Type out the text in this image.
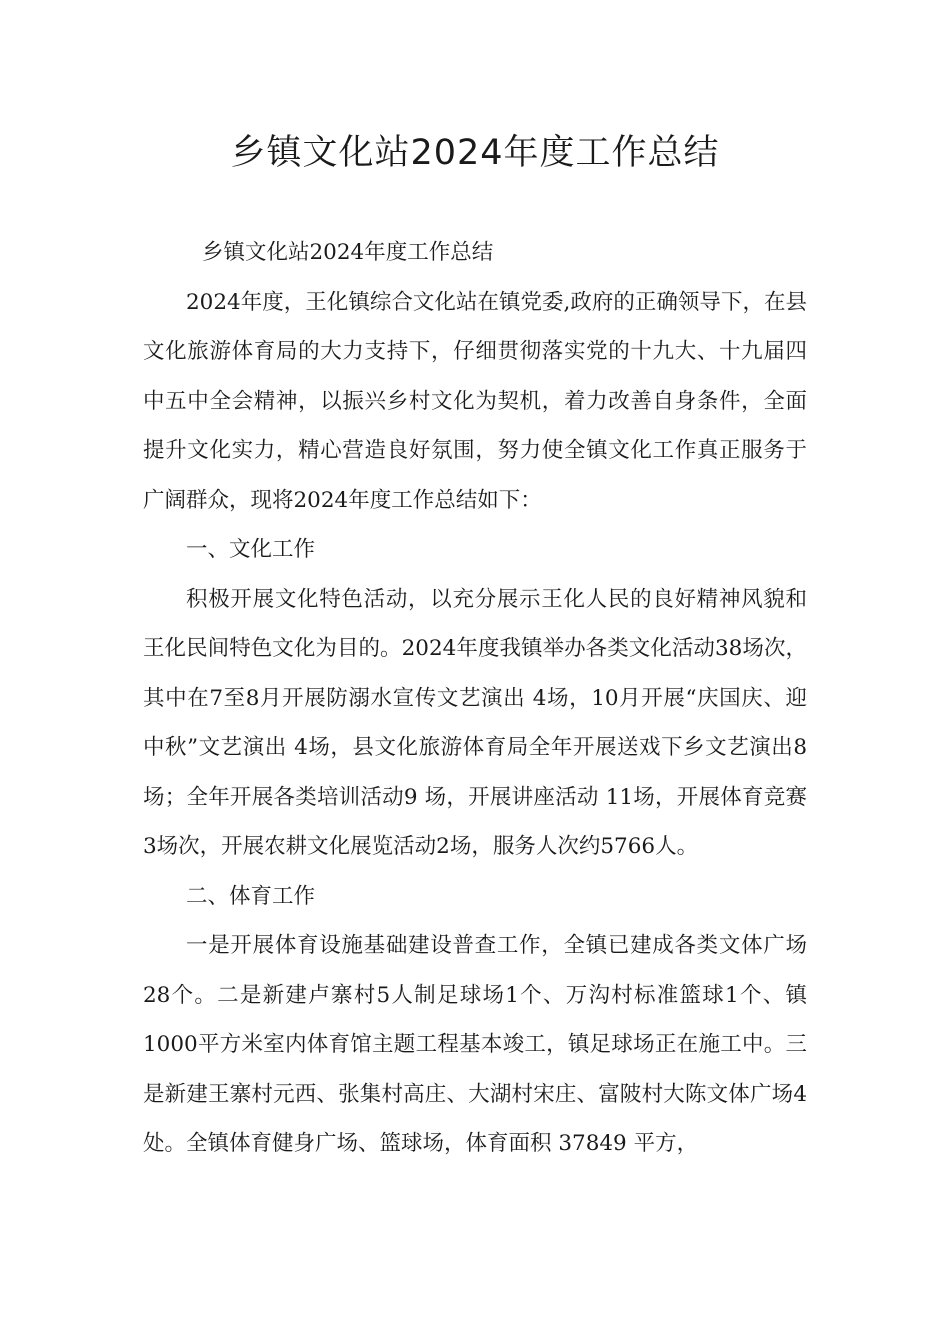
乡镇文化站2024年度工作总结

乡镇文化站2024年度工作总结

2024年度，王化镇综合文化站在镇党委,政府的正确领导下，在县文化旅游体育局的大力支持下，仔细贯彻落实党的十九大、十九届四中五中全会精神，以振兴乡村文化为契机，着力改善自身条件，全面提升文化实力，精心营造良好氛围，努力使全镇文化工作真正服务于广阔群众，现将2024年度工作总结如下：

一、文化工作

积极开展文化特色活动，以充分展示王化人民的良好精神风貌和王化民间特色文化为目的。2024年度我镇举办各类文化活动38场次，其中在7至8月开展防溺水宣传文艺演出 4场，10月开展“庆国庆、迎中秋”文艺演出 4场，县文化旅游体育局全年开展送戏下乡文艺演出8场；全年开展各类培训活动9 场，开展讲座活动 11场，开展体育竞赛3场次，开展农耕文化展览活动2场，服务人次约5766人。

二、体育工作

一是开展体育设施基础建设普查工作，全镇已建成各类文体广场28个。二是新建卢寨村5人制足球场1个、万沟村标准篮球1个、镇1000平方米室内体育馆主题工程基本竣工，镇足球场正在施工中。三是新建王寨村元西、张集村高庄、大湖村宋庄、富陂村大陈文体广场4处。全镇体育健身广场、篮球场，体育面积 37849 平方，
